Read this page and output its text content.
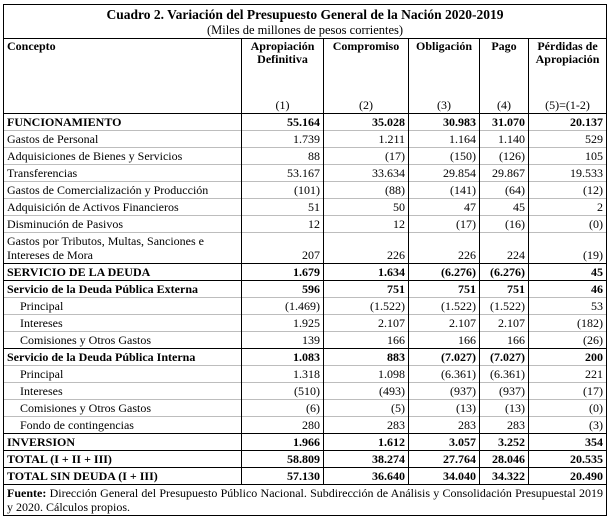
Cuadro 2. Variación del Presupuesto General de la Nación 2020-2019					
(Miles de millones de pesos corrientes)					
Concepto	Apropiación Definitiva	Compromiso	Obligación	Pago	Pérdidas de Apropiación
	(1)	(2)	(3)	(4)	(5)=(1-2)
FUNCIONAMIENTO	55.164	35.028	30.983	31.070	20.137
Gastos de Personal	1.739	1.211	1.164	1.140	529
Adquisiciones de Bienes y Servicios	88	(17)	(150)	(126)	105
Transferencias	53.167	33.634	29.854	29.867	19.533
Gastos de Comercialización y Producción	(101)	(88)	(141)	(64)	(12)
Adquisición de Activos Financieros	51	50	47	45	2
Disminución de Pasivos	12	12	(17)	(16)	(0)
Gastos por Tributos, Multas, Sanciones e Intereses de Mora	207	226	226	224	(19)
SERVICIO DE LA DEUDA	1.679	1.634	(6.276)	(6.276)	45
Servicio de la Deuda Pública Externa	596	751	751	751	46
Principal	(1.469)	(1.522)	(1.522)	(1.522)	53
Intereses	1.925	2.107	2.107	2.107	(182)
Comisiones y Otros Gastos	139	166	166	166	(26)
Servicio de la Deuda Pública Interna	1.083	883	(7.027)	(7.027)	200
Principal	1.318	1.098	(6.361)	(6.361)	221
Intereses	(510)	(493)	(937)	(937)	(17)
Comisiones y Otros Gastos	(6)	(5)	(13)	(13)	(0)
Fondo de contingencias	280	283	283	283	(3)
INVERSION	1.966	1.612	3.057	3.252	354
TOTAL (I + II + III)	58.809	38.274	27.764	28.046	20.535
TOTAL SIN DEUDA (I + III)	57.130	36.640	34.040	34.322	20.490
Fuente: Dirección General del Presupuesto Público Nacional. Subdirección de Análisis y Consolidación Presupuestal 2019 y 2020. Cálculos propios.					
